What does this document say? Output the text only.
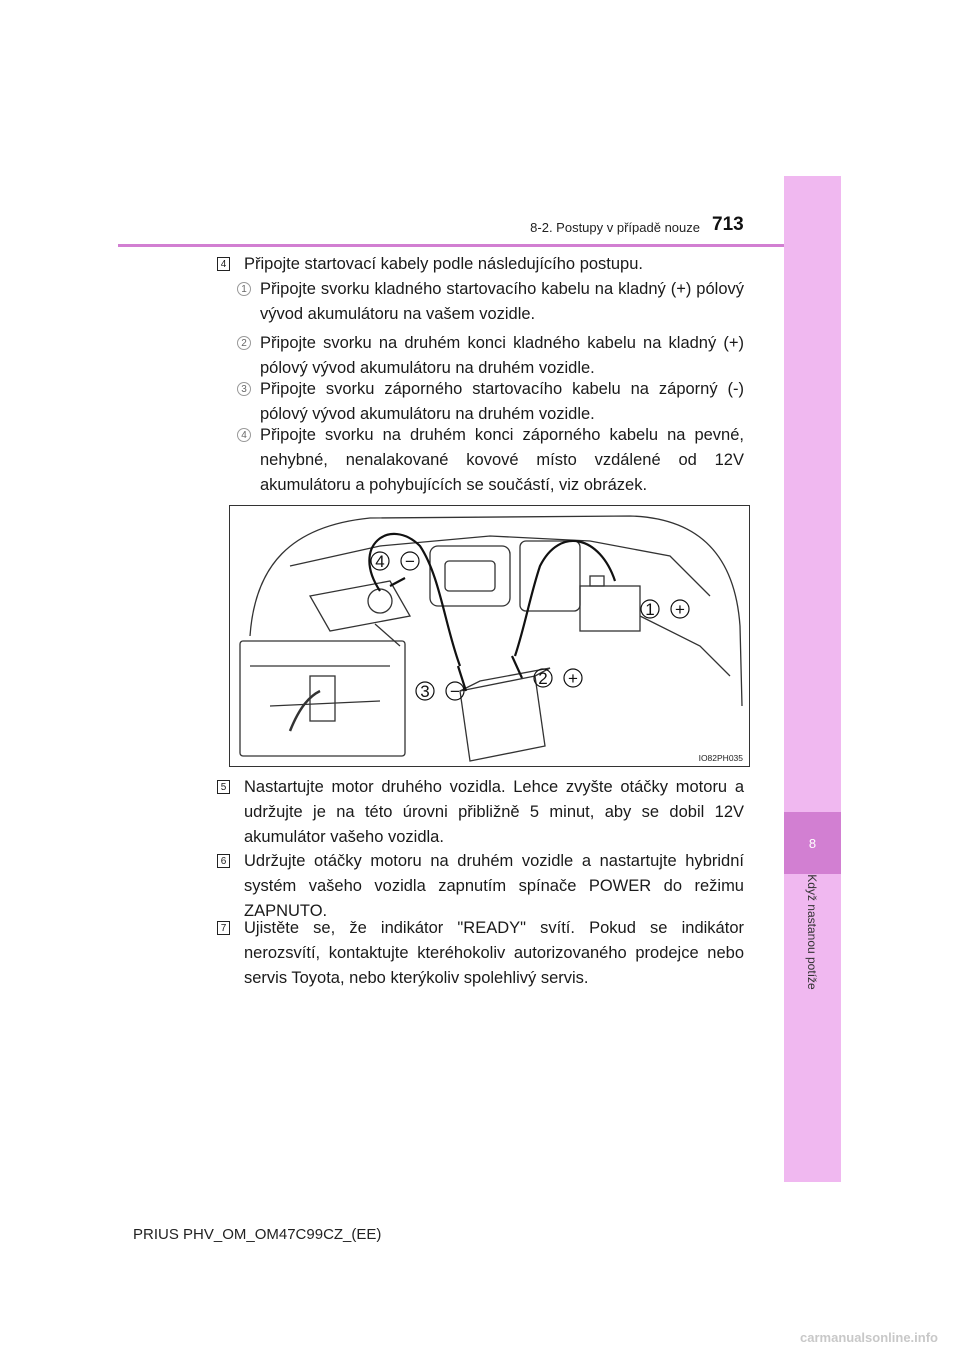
8
Když nastanou potíže
8-2. Postupy v případě nouze 713
4 Připojte startovací kabely podle následujícího postupu.
1 Připojte svorku kladného startovacího kabelu na kladný (+) pólový vývod akumulátoru na vašem vozidle.
2 Připojte svorku na druhém konci kladného kabelu na kladný (+) pólový vývod akumulátoru na druhém vozidle.
3 Připojte svorku záporného startovacího kabelu na záporný (-) pólový vývod akumulátoru na druhém vozidle.
4 Připojte svorku na druhém konci záporného kabelu na pevné, nehybné, nenalakované kovové místo vzdálené od 12V akumulátoru a pohybujících se součástí, viz obrázek.
4 −
1 +
3 −
2 +
IO82PH035
5 Nastartujte motor druhého vozidla. Lehce zvyšte otáčky motoru a udržujte je na této úrovni přibližně 5 minut, aby se dobil 12V akumulátor vašeho vozidla.
6 Udržujte otáčky motoru na druhém vozidle a nastartujte hybridní systém vašeho vozidla zapnutím spínače POWER do režimu ZAPNUTO.
7 Ujistěte se, že indikátor "READY" svítí. Pokud se indikátor nerozsvítí, kontaktujte kteréhokoliv autorizovaného prodejce nebo servis Toyota, nebo kterýkoliv spolehlivý servis.
PRIUS PHV_OM_OM47C99CZ_(EE)
carmanualsonline.info
